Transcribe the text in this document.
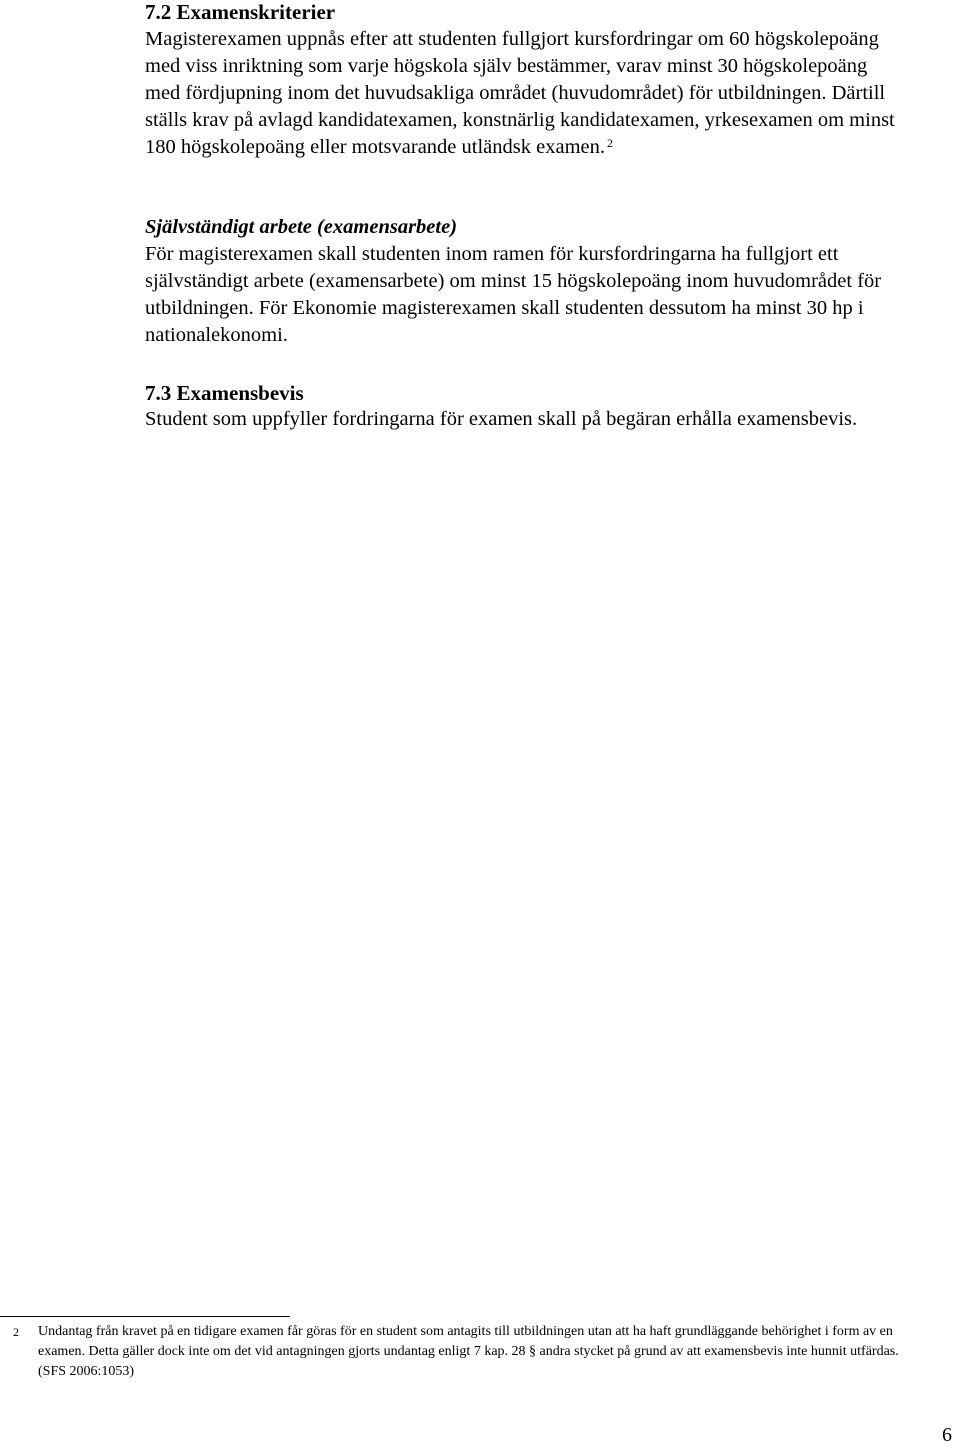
7.2 Examenskriterier

Magisterexamen uppnås efter att studenten fullgjort kursfordringar om 60 högskolepoäng med viss inriktning som varje högskola själv bestämmer, varav minst 30 högskolepoäng med fördjupning inom det huvudsakliga området (huvudområdet) för utbildningen. Därtill ställs krav på avlagd kandidatexamen, konstnärlig kandidatexamen, yrkesexamen om minst 180 högskolepoäng eller motsvarande utländsk examen. $^2$

Självständigt arbete (examensarbete)

För magisterexamen skall studenten inom ramen för kursfordringarna ha fullgjort ett självständigt arbete (examensarbete) om minst 15 högskolepoäng inom huvudområdet för utbildningen. För Ekonomie magisterexamen skall studenten dessutom ha minst 30 hp i nationalekonomi.

7.3 Examensbevis

Student som uppfyller fordringarna för examen skall på begäran erhålla examensbevis.

2 Undantag från kravet på en tidigare examen får göras för en student som antagits till utbildningen utan att ha haft grundläggande behörighet i form av en examen. Detta gäller dock inte om det vid antagningen gjorts undantag enligt 7 kap. 28 § andra stycket på grund av att examensbevis inte hunnit utfärdas. (SFS 2006:1053)
6
